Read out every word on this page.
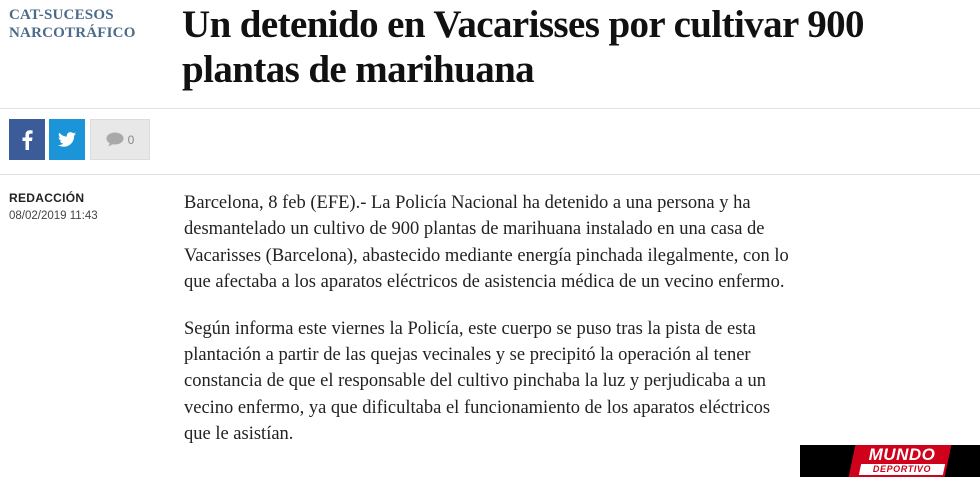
CAT-SUCESOS
NARCOTRÁFICO	Un detenido en Vacarisses por cultivar 900 plantas de marihuana
0
REDACCIÓN
08/02/2019 11:43

Barcelona, 8 feb (EFE).- La Policía Nacional ha detenido a una persona y ha desmantelado un cultivo de 900 plantas de marihuana instalado en una casa de Vacarisses (Barcelona), abastecido mediante energía pinchada ilegalmente, con lo que afectaba a los aparatos eléctricos de asistencia médica de un vecino enfermo.

Según informa este viernes la Policía, este cuerpo se puso tras la pista de esta plantación a partir de las quejas vecinales y se precipitó la operación al tener constancia de que el responsable del cultivo pinchaba la luz y perjudicaba a un vecino enfermo, ya que dificultaba el funcionamiento de los aparatos eléctricos que le asistían.

MUNDO
DEPORTIVO
